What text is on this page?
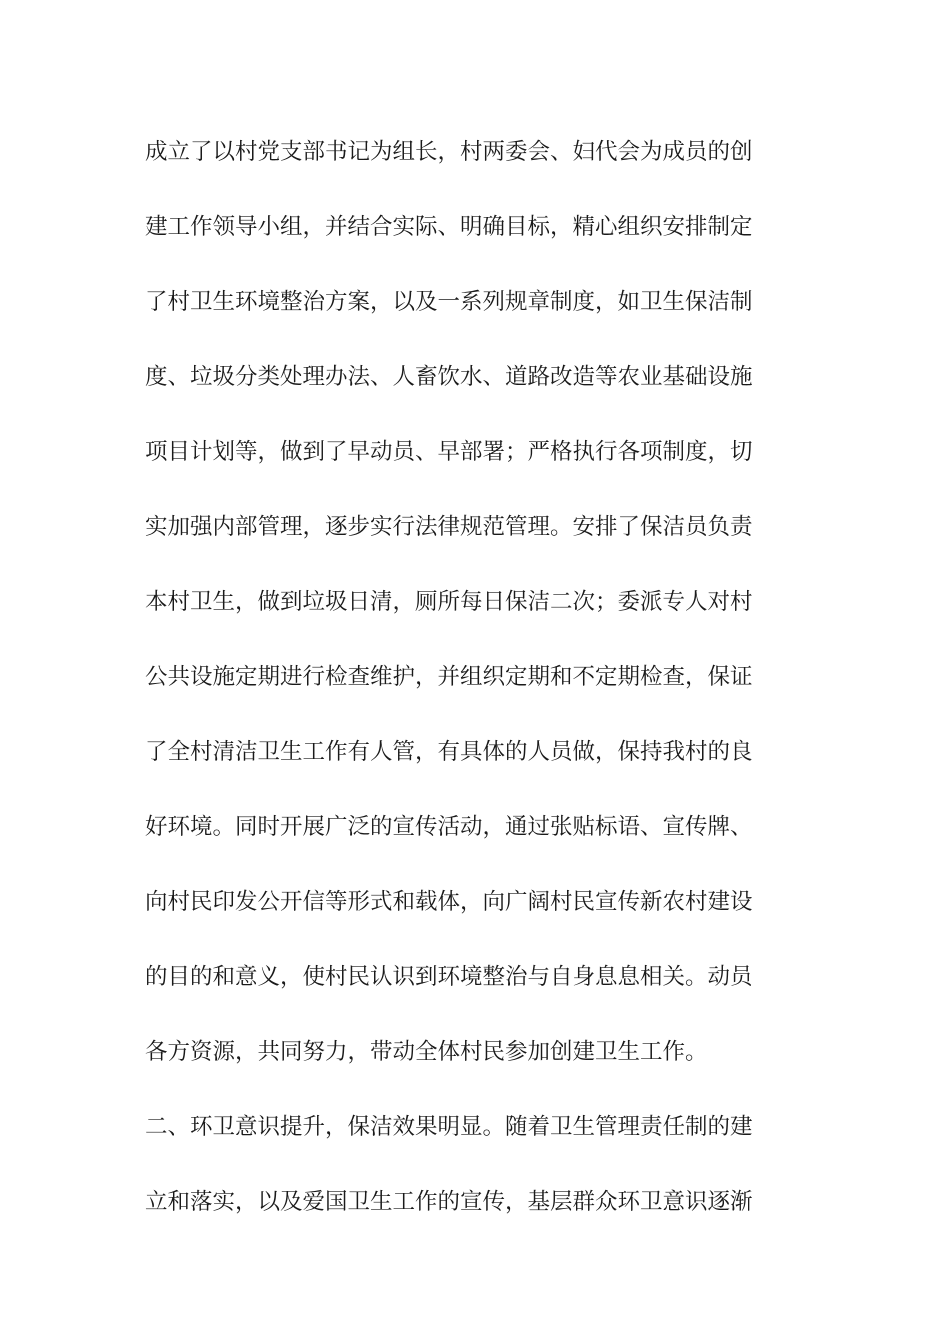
成立了以村党支部书记为组长，村两委会、妇代会为成员的创
建工作领导小组，并结合实际、明确目标，精心组织安排制定
了村卫生环境整治方案，以及一系列规章制度，如卫生保洁制
度、垃圾分类处理办法、人畜饮水、道路改造等农业基础设施
项目计划等，做到了早动员、早部署；严格执行各项制度，切
实加强内部管理，逐步实行法律规范管理。安排了保洁员负责
本村卫生，做到垃圾日清，厕所每日保洁二次；委派专人对村
公共设施定期进行检查维护，并组织定期和不定期检查，保证
了全村清洁卫生工作有人管，有具体的人员做，保持我村的良
好环境。同时开展广泛的宣传活动，通过张贴标语、宣传牌、
向村民印发公开信等形式和载体，向广阔村民宣传新农村建设
的目的和意义，使村民认识到环境整治与自身息息相关。动员
各方资源，共同努力，带动全体村民参加创建卫生工作。
二、环卫意识提升，保洁效果明显。随着卫生管理责任制的建
立和落实，以及爱国卫生工作的宣传，基层群众环卫意识逐渐
